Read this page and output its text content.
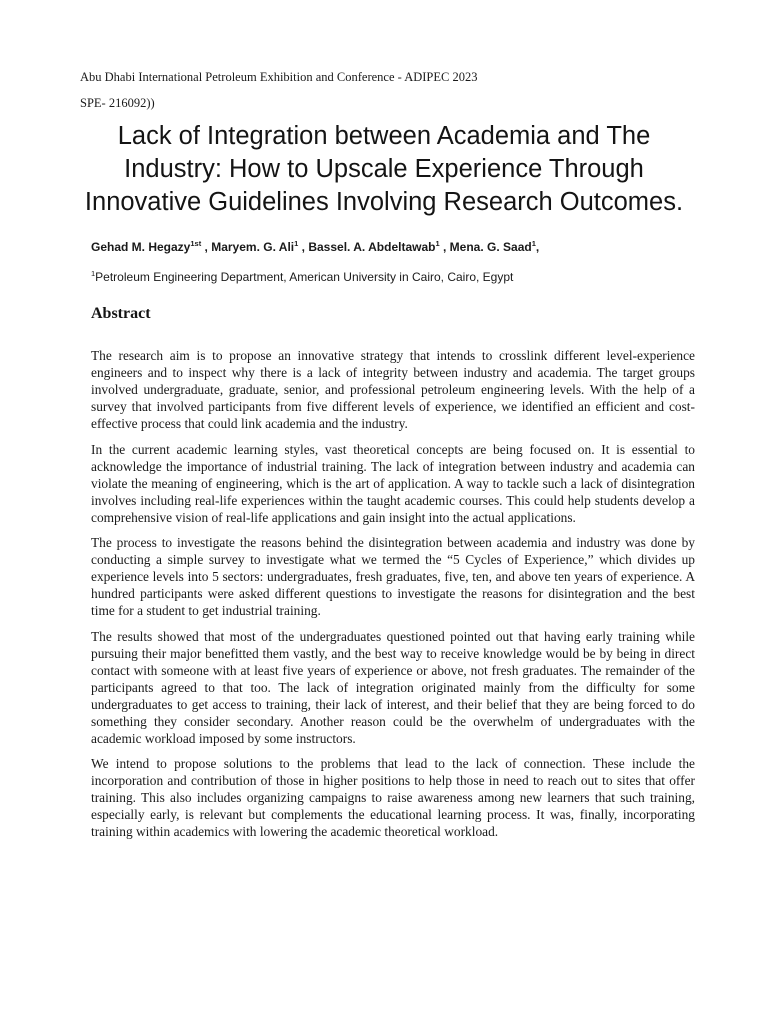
Abu Dhabi International Petroleum Exhibition and Conference - ADIPEC 2023
SPE- 216092))
Lack of Integration between Academia and The
Industry: How to Upscale Experience Through
Innovative Guidelines Involving Research Outcomes.
Gehad M. Hegazy$^{1st}$ , Maryem. G. Ali$^1$ , Bassel. A. Abdeltawab$^1$ , Mena. G. Saad$^1$,
$^1$Petroleum Engineering Department, American University in Cairo, Cairo, Egypt
Abstract

The research aim is to propose an innovative strategy that intends to crosslink different level-experience engineers and to inspect why there is a lack of integrity between industry and academia. The target groups involved undergraduate, graduate, senior, and professional petroleum engineering levels. With the help of a survey that involved participants from five different levels of experience, we identified an efficient and cost-effective process that could link academia and the industry.

In the current academic learning styles, vast theoretical concepts are being focused on. It is essential to acknowledge the importance of industrial training. The lack of integration between industry and academia can violate the meaning of engineering, which is the art of application. A way to tackle such a lack of disintegration involves including real-life experiences within the taught academic courses. This could help students develop a comprehensive vision of real-life applications and gain insight into the actual applications.

The process to investigate the reasons behind the disintegration between academia and industry was done by conducting a simple survey to investigate what we termed the “5 Cycles of Experience,” which divides up experience levels into 5 sectors: undergraduates, fresh graduates, five, ten, and above ten years of experience. A hundred participants were asked different questions to investigate the reasons for disintegration and the best time for a student to get industrial training.

The results showed that most of the undergraduates questioned pointed out that having early training while pursuing their major benefitted them vastly, and the best way to receive knowledge would be by being in direct contact with someone with at least five years of experience or above, not fresh graduates. The remainder of the participants agreed to that too. The lack of integration originated mainly from the difficulty for some undergraduates to get access to training, their lack of interest, and their belief that they are being forced to do something they consider secondary. Another reason could be the overwhelm of undergraduates with the academic workload imposed by some instructors.

We intend to propose solutions to the problems that lead to the lack of connection. These include the incorporation and contribution of those in higher positions to help those in need to reach out to sites that offer training. This also includes organizing campaigns to raise awareness among new learners that such training, especially early, is relevant but complements the educational learning process. It was, finally, incorporating training within academics with lowering the academic theoretical workload.
